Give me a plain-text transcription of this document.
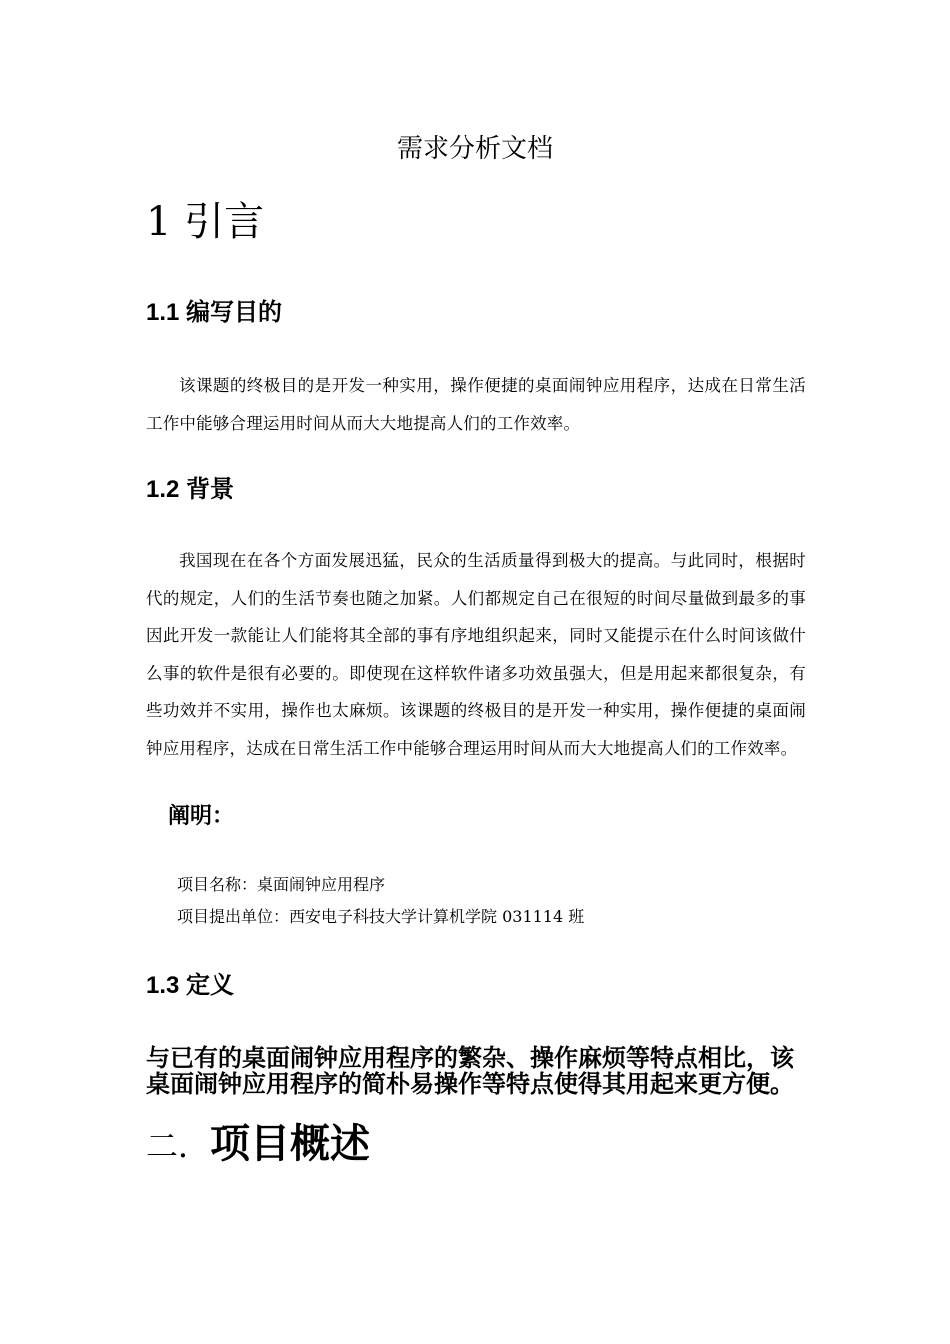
需求分析文档
1 引言
1.1 编写目的
该课题的终极目的是开发一种实用，操作便捷的桌面闹钟应用程序，达成在日常生活工作中能够合理运用时间从而大大地提高人们的工作效率。
1.2 背景
我国现在在各个方面发展迅猛，民众的生活质量得到极大的提高。与此同时，根据时代的规定，人们的生活节奏也随之加紧。人们都规定自己在很短的时间尽量做到最多的事因此开发一款能让人们能将其全部的事有序地组织起来，同时又能提示在什么时间该做什么事的软件是很有必要的。即使现在这样软件诸多功效虽强大，但是用起来都很复杂，有些功效并不实用，操作也太麻烦。该课题的终极目的是开发一种实用，操作便捷的桌面闹钟应用程序，达成在日常生活工作中能够合理运用时间从而大大地提高人们的工作效率。
阐明：
项目名称：桌面闹钟应用程序
项目提出单位：西安电子科技大学计算机学院 031114 班
1.3 定义
与已有的桌面闹钟应用程序的繁杂、操作麻烦等特点相比，该桌面闹钟应用程序的简朴易操作等特点使得其用起来更方便。
二．项目概述
